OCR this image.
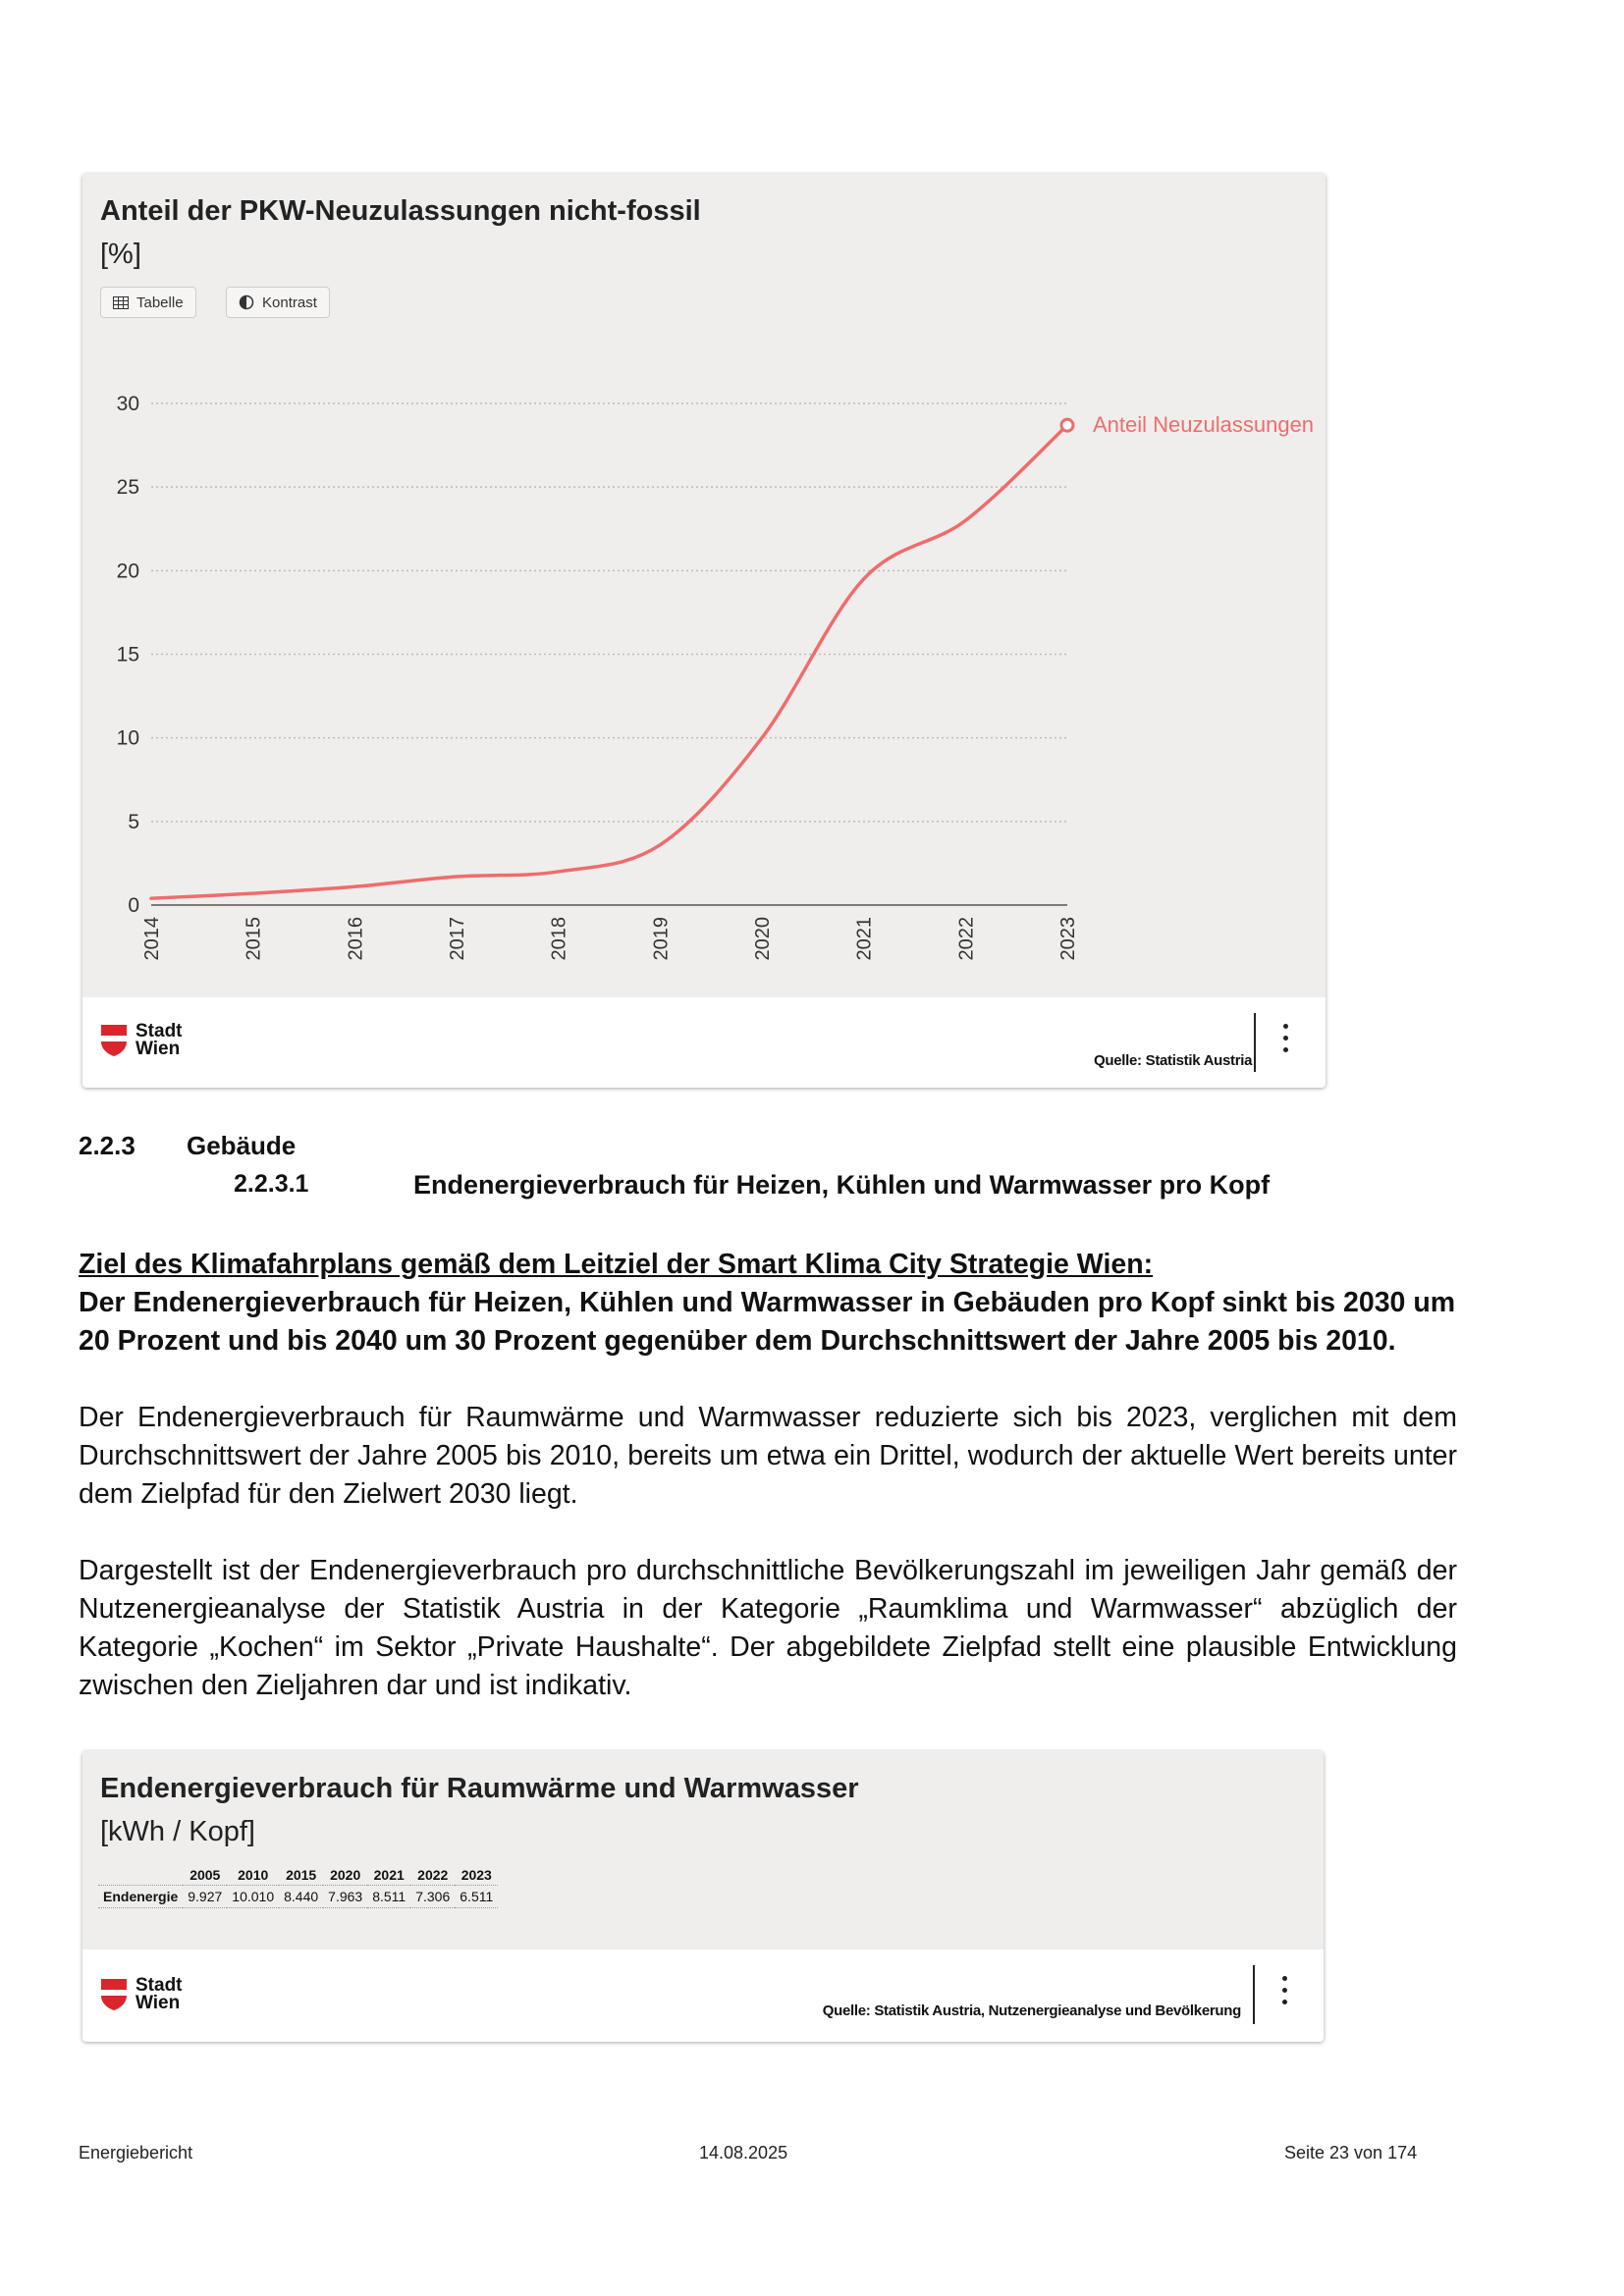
Anteil der PKW-Neuzulassungen nicht-fossil
[%]
Tabelle	Kontrast
0
5
10
15
20
25
30
2014	2015	2016	2017	2018	2019	2020	2021	2022	2023
Anteil Neuzulassungen
Stadt
Wien
Quelle: Statistik Austria
2.2.3 Gebäude
2.2.3.1	Endenergieverbrauch für Heizen, Kühlen und Warmwasser pro Kopf
Ziel des Klimafahrplans gemäß dem Leitziel der Smart Klima City Strategie Wien:
Der Endenergieverbrauch für Heizen, Kühlen und Warmwasser in Gebäuden pro Kopf sinkt bis 2030 um
20 Prozent und bis 2040 um 30 Prozent gegenüber dem Durchschnittswert der Jahre 2005 bis 2010.
Der Endenergieverbrauch für Raumwärme und Warmwasser reduzierte sich bis 2023, verglichen mit dem Durchschnittswert der Jahre 2005 bis 2010, bereits um etwa ein Drittel, wodurch der aktuelle Wert bereits unter dem Zielpfad für den Zielwert 2030 liegt.
Dargestellt ist der Endenergieverbrauch pro durchschnittliche Bevölkerungszahl im jeweiligen Jahr gemäß der Nutzenergieanalyse der Statistik Austria in der Kategorie „Raumklima und Warmwasser“ abzüglich der Kategorie „Kochen“ im Sektor „Private Haushalte“. Der abgebildete Zielpfad stellt eine plausible Entwicklung zwischen den Zieljahren dar und ist indikativ.
Endenergieverbrauch für Raumwärme und Warmwasser
[kWh / Kopf]
	2005	2010	2015	2020	2021	2022	2023
Endenergie	9.927	10.010	8.440	7.963	8.511	7.306	6.511
Stadt
Wien	Quelle: Statistik Austria, Nutzenergieanalyse und Bevölkerung
Energiebericht	14.08.2025	Seite 23 von 174
